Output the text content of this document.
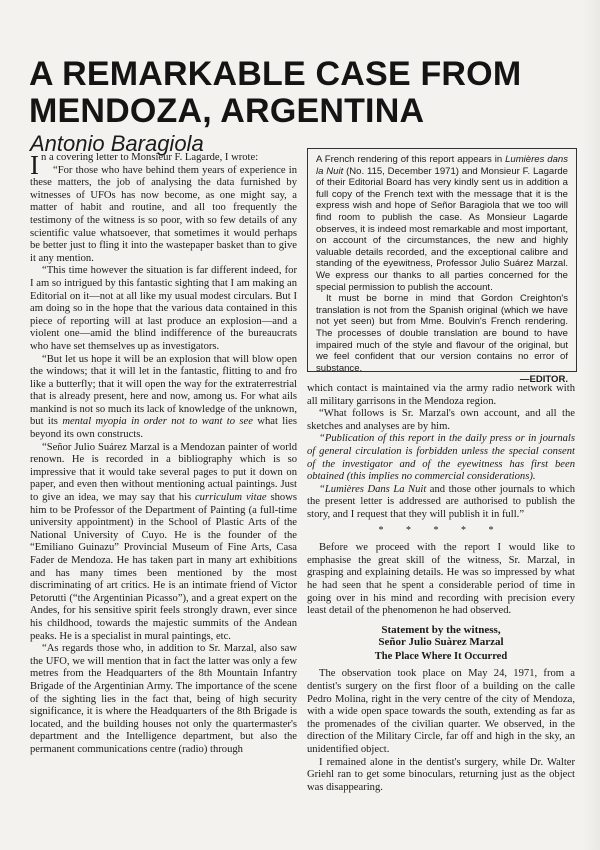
A REMARKABLE CASE FROM
MENDOZA, ARGENTINA
Antonio Baragiola

In a covering letter to Monsieur F. Lagarde, I wrote:

“For those who have behind them years of experience in these matters, the job of analysing the data furnished by witnesses of UFOs has now become, as one might say, a matter of habit and routine, and all too frequently the testimony of the witness is so poor, with so few details of any scientific value whatsoever, that sometimes it would perhaps be better just to fling it into the wastepaper basket than to give it any mention.

“This time however the situation is far different indeed, for I am so intrigued by this fantastic sighting that I am making an Editorial on it—not at all like my usual modest circulars. But I am doing so in the hope that the various data contained in this piece of reporting will at last produce an explosion—and a violent one—amid the blind indifference of the bureaucrats who have set themselves up as investigators.

“But let us hope it will be an explosion that will blow open the windows; that it will let in the fantastic, flitting to and fro like a butterfly; that it will open the way for the extraterrestrial that is already present, here and now, among us. For what ails mankind is not so much its lack of knowledge of the unknown, but its mental myopia in order not to want to see what lies beyond its own constructs.

“Señor Julio Suárez Marzal is a Mendozan painter of world renown. He is recorded in a bibliography which is so impressive that it would take several pages to put it down on paper, and even then without mentioning actual paintings. Just to give an idea, we may say that his curriculum vitae shows him to be Professor of the Department of Painting (a full-time university appointment) in the School of Plastic Arts of the National University of Cuyo. He is the founder of the “Emiliano Guinazu” Provincial Museum of Fine Arts, Casa Fader de Mendoza. He has taken part in many art exhibitions and has many times been mentioned by the most discriminating of art critics. He is an intimate friend of Victor Petorutti (“the Argentinian Picasso”), and a great expert on the Andes, for his sensitive spirit feels strongly drawn, ever since his childhood, towards the majestic summits of the Andean peaks. He is a specialist in mural paintings, etc.

“As regards those who, in addition to Sr. Marzal, also saw the UFO, we will mention that in fact the latter was only a few metres from the Headquarters of the 8th Mountain Infantry Brigade of the Argentinian Army. The importance of the scene of the sighting lies in the fact that, being of high security significance, it is where the Headquarters of the 8th Brigade is located, and the building houses not only the quartermaster's department and the Intelligence department, but also the permanent communications centre (radio) through

A French rendering of this report appears in Lumières dans la Nuit (No. 115, December 1971) and Monsieur F. Lagarde of their Editorial Board has very kindly sent us in addition a full copy of the French text with the message that it is the express wish and hope of Señor Baragiola that we too will find room to publish the case. As Monsieur Lagarde observes, it is indeed most remarkable and most important, on account of the circumstances, the new and highly valuable details recorded, and the exceptional calibre and standing of the eyewitness, Professor Julio Suárez Marzal. We express our thanks to all parties concerned for the special permission to publish the account.

It must be borne in mind that Gordon Creighton's translation is not from the Spanish original (which we have not yet seen) but from Mme. Boulvin's French rendering. The processes of double translation are bound to have impaired much of the style and flavour of the original, but we feel confident that our version contains no error of substance.

—EDITOR.

which contact is maintained via the army radio network with all military garrisons in the Mendoza region.

“What follows is Sr. Marzal's own account, and all the sketches and analyses are by him.

“Publication of this report in the daily press or in journals of general circulation is forbidden unless the special consent of the investigator and of the eyewitness has first been obtained (this implies no commercial considerations).

“Lumières Dans La Nuit and those other journals to which the present letter is addressed are authorised to publish the story, and I request that they will publish it in full.”

* * * * *

Before we proceed with the report I would like to emphasise the great skill of the witness, Sr. Marzal, in grasping and explaining details. He was so impressed by what he had seen that he spent a considerable period of time in going over in his mind and recording with precision every least detail of the phenomenon he had observed.

Statement by the witness,
Señor Julio Suàrez Marzal
The Place Where It Occurred

The observation took place on May 24, 1971, from a dentist's surgery on the first floor of a building on the calle Pedro Molina, right in the very centre of the city of Mendoza, with a wide open space towards the south, extending as far as the promenades of the civilian quarter. We observed, in the direction of the Military Circle, far off and high in the sky, an unidentified object.

I remained alone in the dentist's surgery, while Dr. Walter Griehl ran to get some binoculars, returning just as the object was disappearing.
